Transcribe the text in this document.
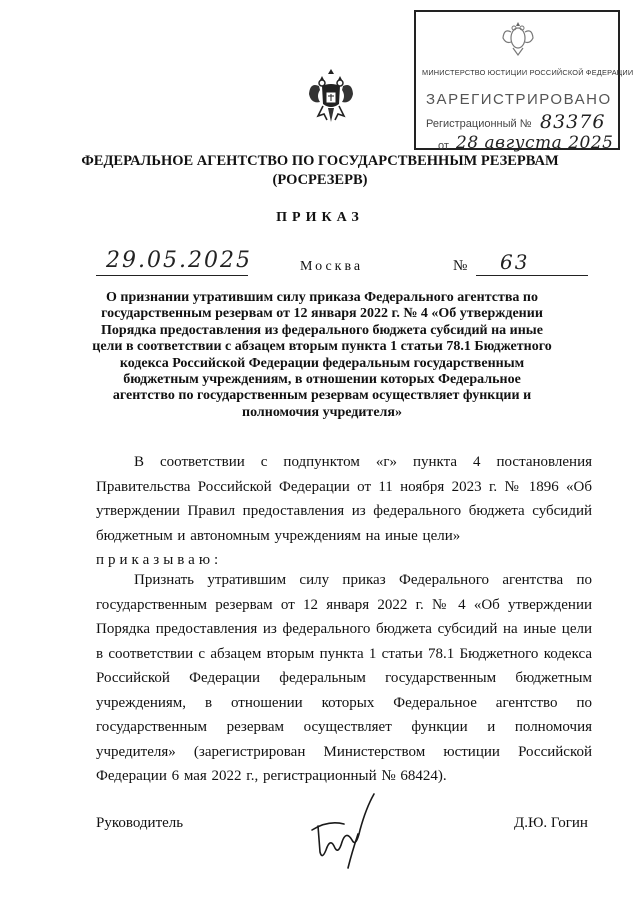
МИНИСТЕРСТВО ЮСТИЦИИ РОССИЙСКОЙ ФЕДЕРАЦИИ
ЗАРЕГИСТРИРОВАНО
Регистрационный № 83376
от 28 августа 2025
ФЕДЕРАЛЬНОЕ АГЕНТСТВО ПО ГОСУДАРСТВЕННЫМ РЕЗЕРВАМ
(РОСРЕЗЕРВ)
ПРИКАЗ
29.05.2025	Москва	№ 63
О признании утратившим силу приказа Федерального агентства по государственным резервам от 12 января 2022 г. № 4 «Об утверждении Порядка предоставления из федерального бюджета субсидий на иные цели в соответствии с абзацем вторым пункта 1 статьи 78.1 Бюджетного кодекса Российской Федерации федеральным государственным бюджетным учреждениям, в отношении которых Федеральное агентство по государственным резервам осуществляет функции и полномочия учредителя»
В соответствии с подпунктом «г» пункта 4 постановления Правительства Российской Федерации от 11 ноября 2023 г. № 1896 «Об утверждении Правил предоставления из федерального бюджета субсидий бюджетным и автономным учреждениям на иные цели»
приказываю:
Признать утратившим силу приказ Федерального агентства по государственным резервам от 12 января 2022 г. № 4 «Об утверждении Порядка предоставления из федерального бюджета субсидий на иные цели в соответствии с абзацем вторым пункта 1 статьи 78.1 Бюджетного кодекса Российской Федерации федеральным государственным бюджетным учреждениям, в отношении которых Федеральное агентство по государственным резервам осуществляет функции и полномочия учредителя» (зарегистрирован Министерством юстиции Российской Федерации 6 мая 2022 г., регистрационный № 68424).
Руководитель	Д.Ю. Гогин
